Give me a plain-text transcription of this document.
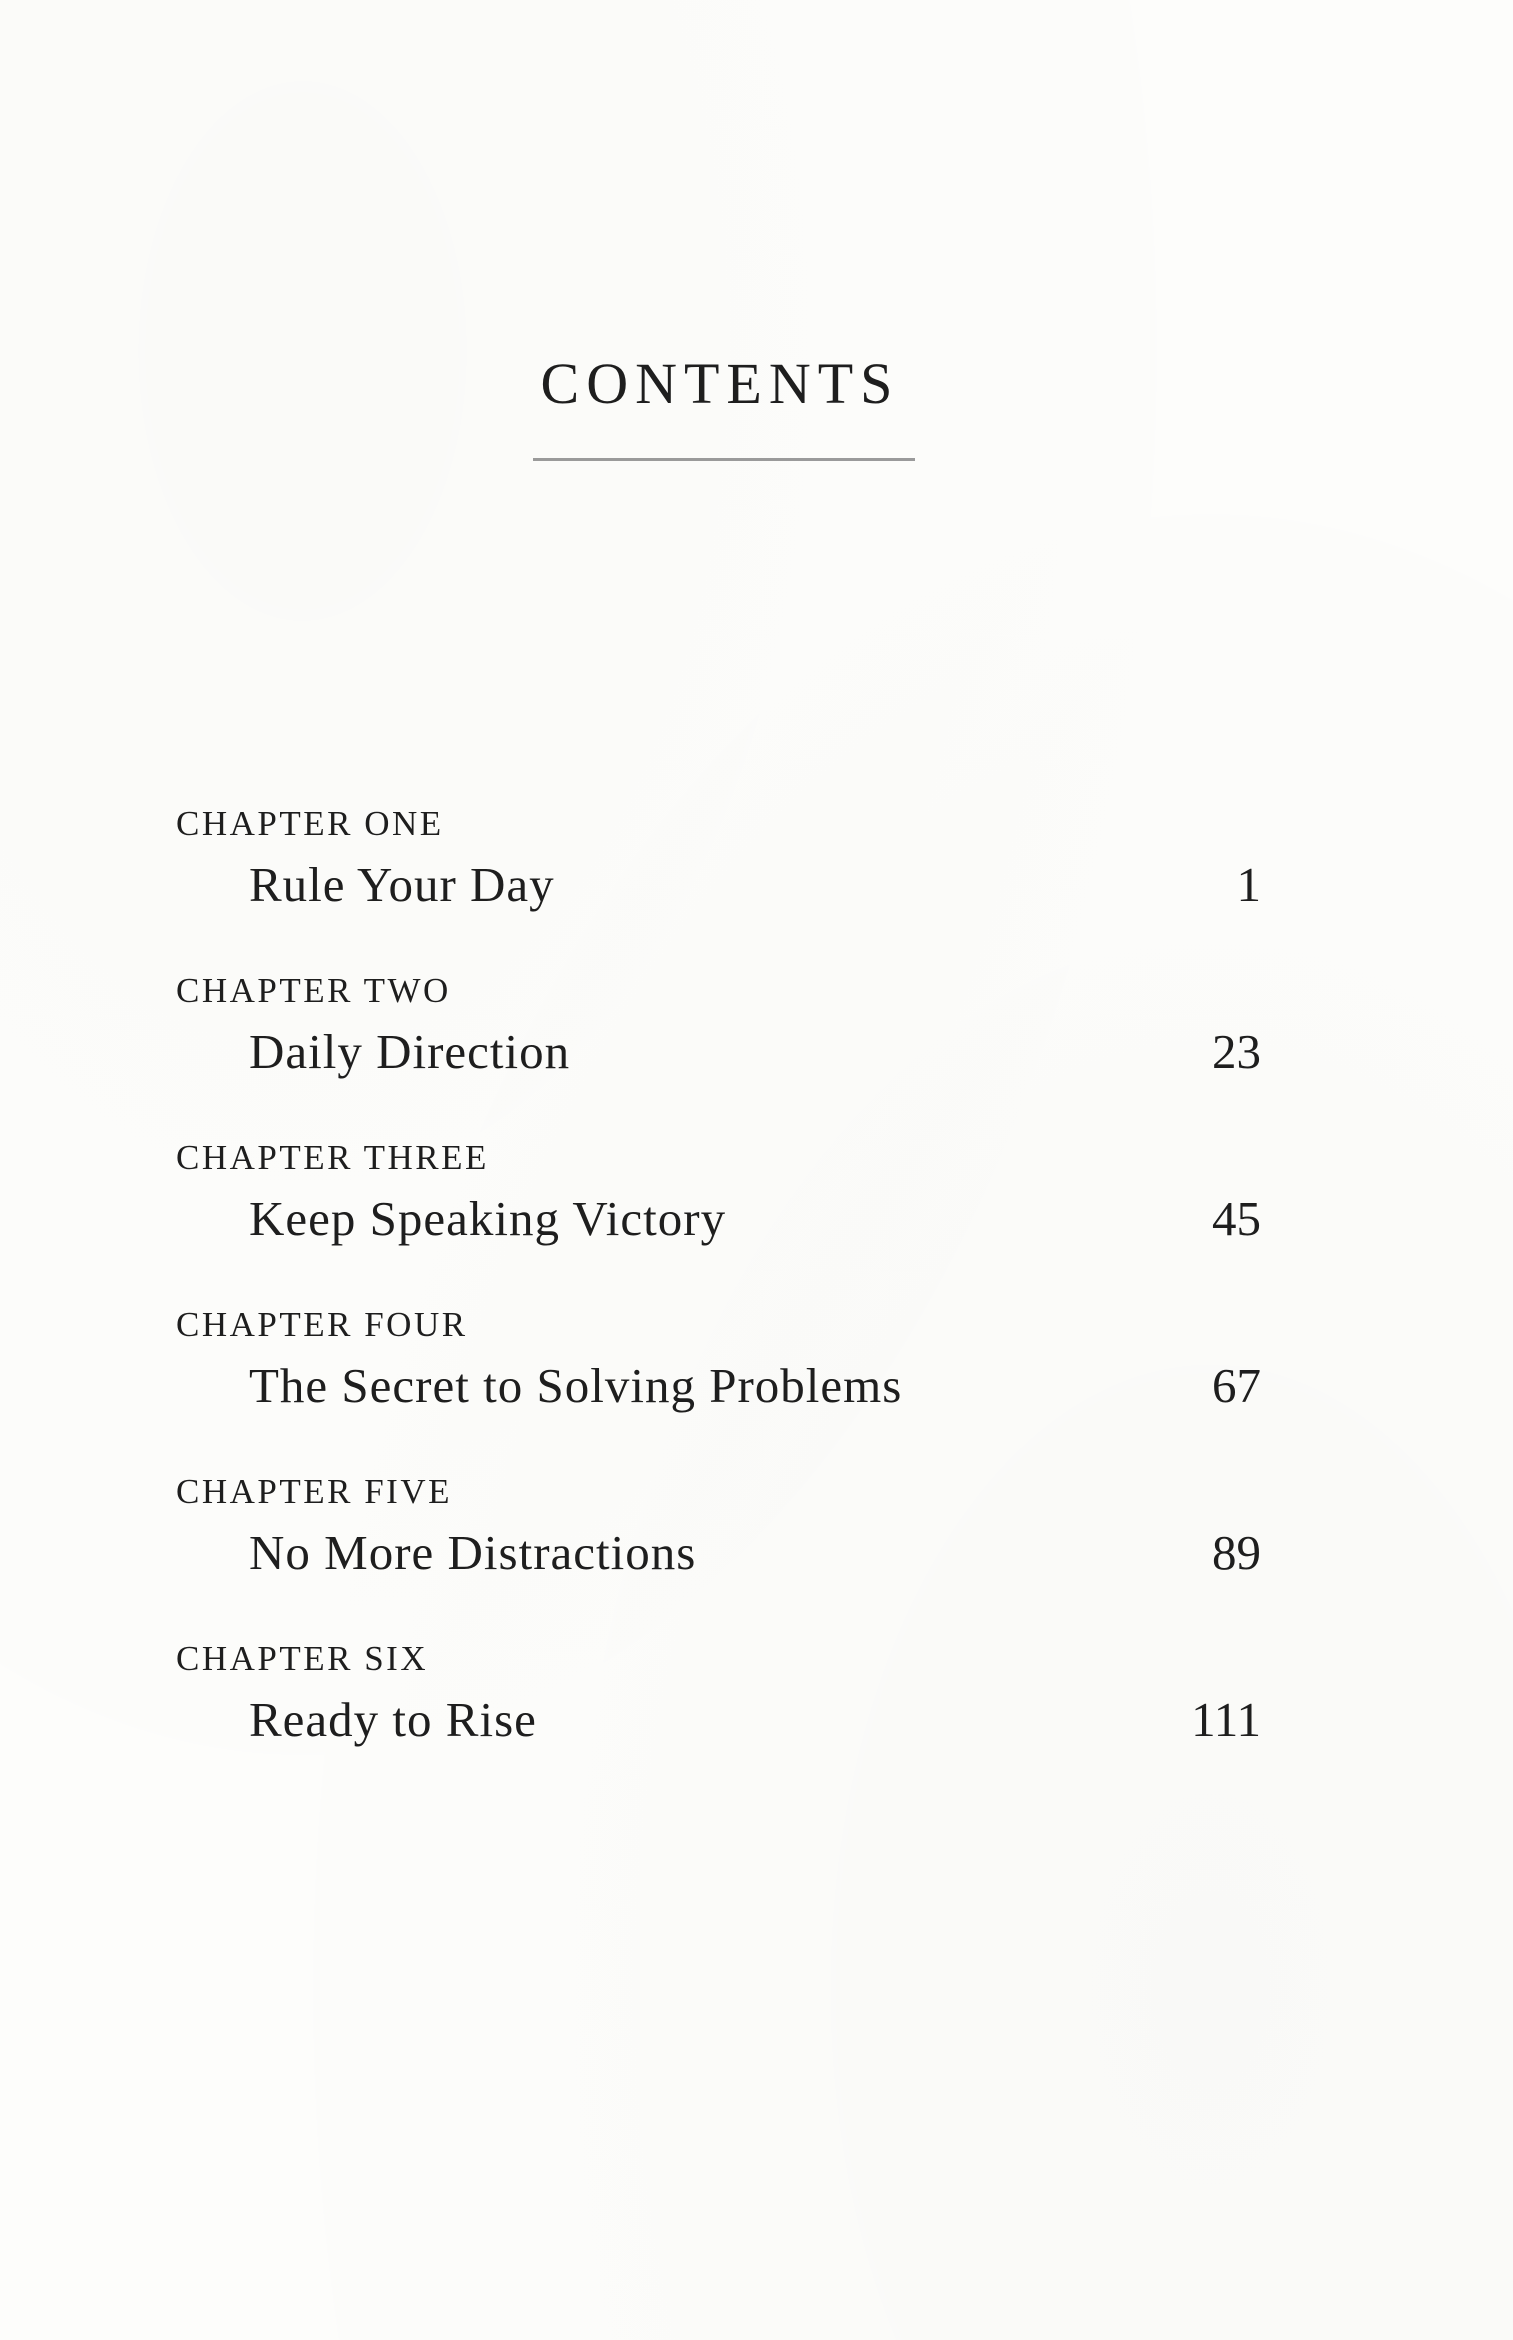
CONTENTS
CHAPTER ONE
Rule Your Day	1
CHAPTER TWO
Daily Direction	23
CHAPTER THREE
Keep Speaking Victory	45
CHAPTER FOUR
The Secret to Solving Problems	67
CHAPTER FIVE
No More Distractions	89
CHAPTER SIX
Ready to Rise	111
